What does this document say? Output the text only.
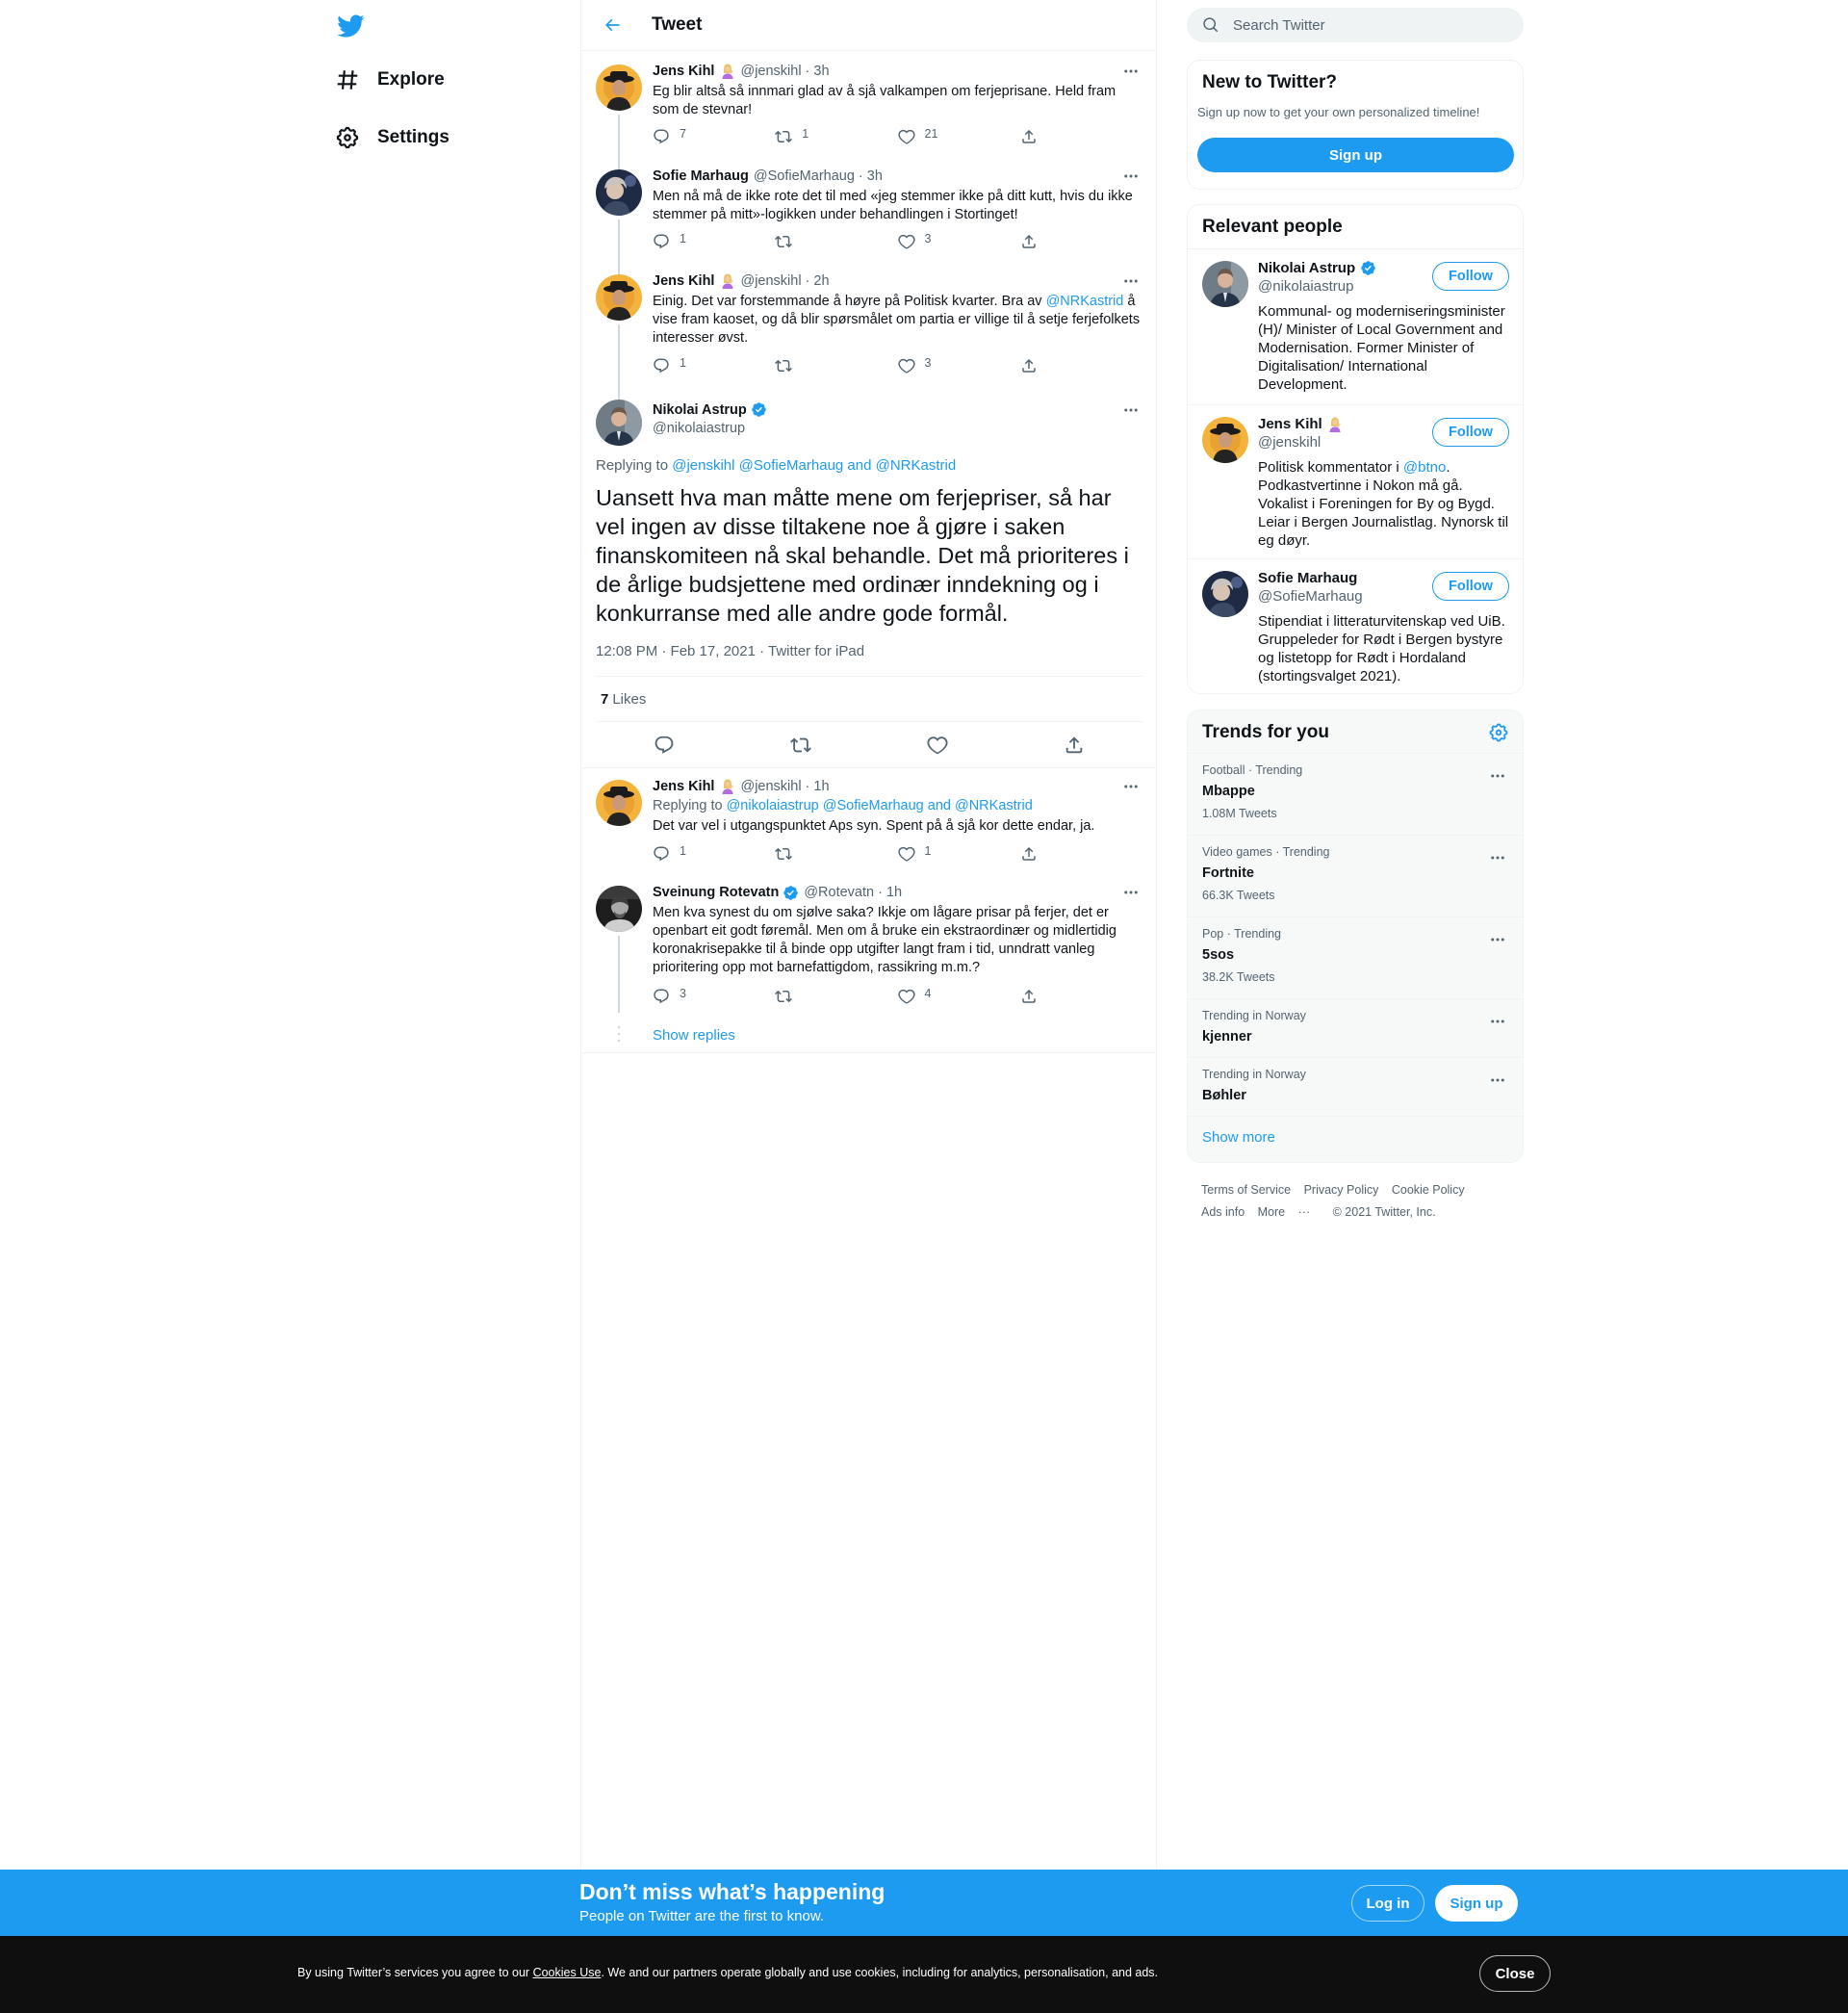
Explore
Settings
Tweet
Jens Kihl @jenskihl · 3h
Eg blir altså så innmari glad av å sjå valkampen om ferjeprisane. Held fram som de stevnar!
7	1	21
Sofie Marhaug @SofieMarhaug · 3h
Men nå må de ikke rote det til med «jeg stemmer ikke på ditt kutt, hvis du ikke stemmer på mitt»-logikken under behandlingen i Stortinget!
1	3
Jens Kihl @jenskihl · 2h
Einig. Det var forstemmande å høyre på Politisk kvarter. Bra av @NRKastrid å vise fram kaoset, og då blir spørsmålet om partia er villige til å setje ferjefolkets interesser øvst.
1	3
Nikolai Astrup
@nikolaiastrup
Replying to @jenskihl @SofieMarhaug and @NRKastrid
Uansett hva man måtte mene om ferjepriser, så har vel ingen av disse tiltakene noe å gjøre i saken finanskomiteen nå skal behandle. Det må prioriteres i de årlige budsjettene med ordinær inndekning og i konkurranse med alle andre gode formål.
12:08 PM · Feb 17, 2021 · Twitter for iPad
7 Likes
Jens Kihl @jenskihl · 1h
Replying to @nikolaiastrup @SofieMarhaug and @NRKastrid
Det var vel i utgangspunktet Aps syn. Spent på å sjå kor dette endar, ja.
1	1
Sveinung Rotevatn @Rotevatn · 1h
Men kva synest du om sjølve saka? Ikkje om lågare prisar på ferjer, det er openbart eit godt føremål. Men om å bruke ein ekstraordinær og midlertidig koronakrisepakke til å binde opp utgifter langt fram i tid, unndratt vanleg prioritering opp mot barnefattigdom, rassikring m.m.?
3	4
Show replies
Search Twitter
New to Twitter?
Sign up now to get your own personalized timeline!
Sign up
Relevant people
Nikolai Astrup
@nikolaiastrup
Kommunal- og moderniseringsminister (H)/ Minister of Local Government and Modernisation. Former Minister of Digitalisation/ International Development.
Follow
Jens Kihl
@jenskihl
Politisk kommentator i @btno. Podkastvertinne i Nokon må gå. Vokalist i Foreningen for By og Bygd. Leiar i Bergen Journalistlag. Nynorsk til eg døyr.
Follow
Sofie Marhaug
@SofieMarhaug
Stipendiat i litteraturvitenskap ved UiB. Gruppeleder for Rødt i Bergen bystyre og listetopp for Rødt i Hordaland (stortingsvalget 2021).
Follow
Trends for you
Football · Trending
Mbappe
1.08M Tweets
Video games · Trending
Fortnite
66.3K Tweets
Pop · Trending
5sos
38.2K Tweets
Trending in Norway
kjenner
Trending in Norway
Bøhler
Show more
Terms of Service Privacy Policy Cookie Policy
Ads info More ··· © 2021 Twitter, Inc.
Don’t miss what’s happening
People on Twitter are the first to know.
Log in	Sign up
By using Twitter’s services you agree to our Cookies Use. We and our partners operate globally and use cookies, including for analytics, personalisation, and ads.	Close
